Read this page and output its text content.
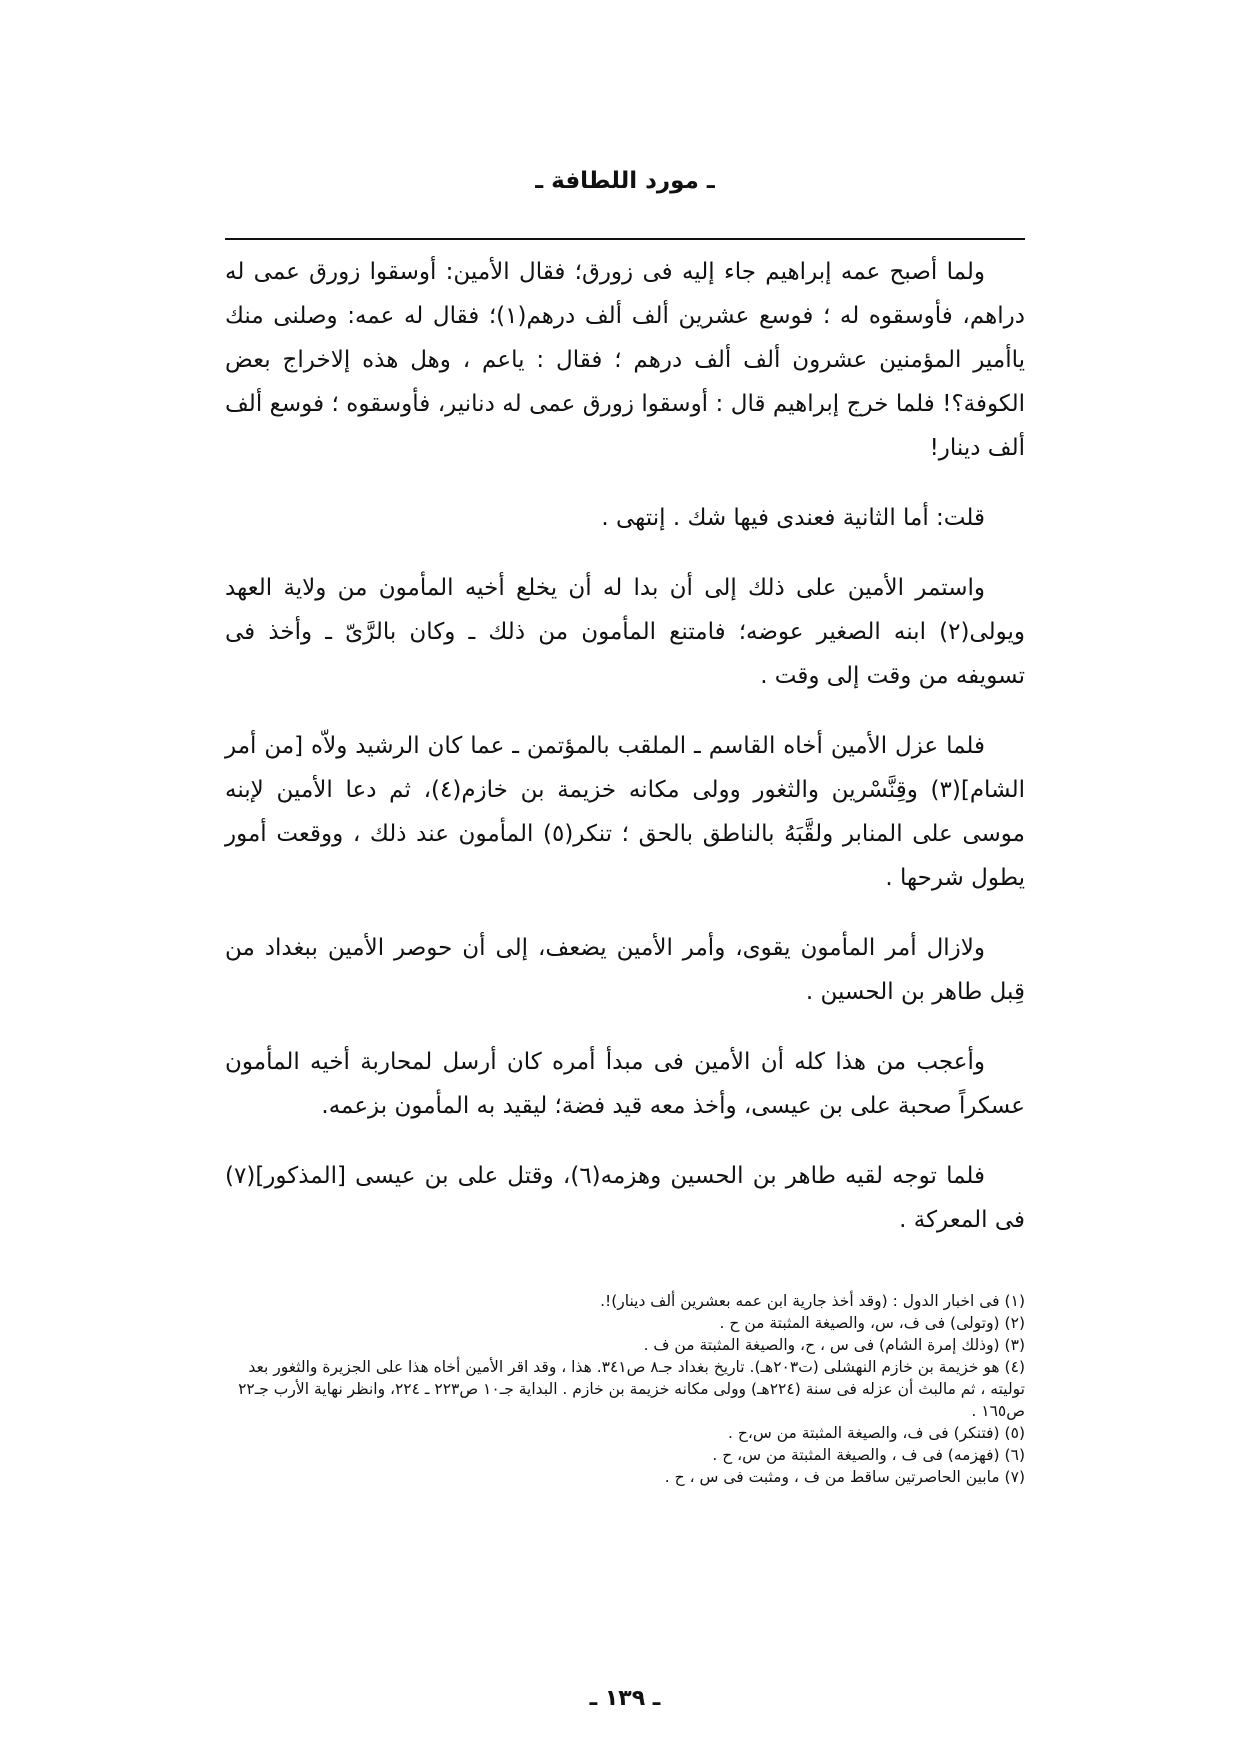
ـ مورد اللطافة ـ

ولما أصبح عمه إبراهيم جاء إليه فى زورق؛ فقال الأمين: أوسقوا زورق عمى له دراهم، فأوسقوه له ؛ فوسع عشرين ألف ألف درهم(١)؛ فقال له عمه: وصلنى منك ياأمير المؤمنين عشرون ألف ألف درهم ؛ فقال : ياعم ، وهل هذه إلاخراج بعض الكوفة؟! فلما خرج إبراهيم قال : أوسقوا زورق عمى له دنانير، فأوسقوه ؛ فوسع ألف ألف دينار!

قلت: أما الثانية فعندى فيها شك . إنتهى .

واستمر الأمين على ذلك إلى أن بدا له أن يخلع أخيه المأمون من ولاية العهد ويولى(٢) ابنه الصغير عوضه؛ فامتنع المأمون من ذلك ـ وكان بالرَّىّ ـ وأخذ فى تسويفه من وقت إلى وقت .

فلما عزل الأمين أخاه القاسم ـ الملقب بالمؤتمن ـ عما كان الرشيد ولاّه [من أمر الشام](٣) وقِنَّسْرين والثغور وولى مكانه خزيمة بن خازم(٤)، ثم دعا الأمين لإبنه موسى على المنابر ولقَّبَهُ بالناطق بالحق ؛ تنكر(٥) المأمون عند ذلك ، ووقعت أمور يطول شرحها .

ولازال أمر المأمون يقوى، وأمر الأمين يضعف، إلى أن حوصر الأمين ببغداد من قِبل طاهر بن الحسين .

وأعجب من هذا كله أن الأمين فى مبدأ أمره كان أرسل لمحاربة أخيه المأمون عسكراً صحبة على بن عيسى، وأخذ معه قيد فضة؛ ليقيد به المأمون بزعمه.

فلما توجه لقيه طاهر بن الحسين وهزمه(٦)، وقتل على بن عيسى [المذكور](٧) فى المعركة .

(١) فى اخبار الدول : (وقد أخذ جارية ابن عمه بعشرين ألف دينار)!.

(٢) (وتولى) فى ف، س، والصيغة المثبتة من ح .

(٣) (وذلك إمرة الشام) فى س ، ح، والصيغة المثبتة من ف .

(٤) هو خزيمة بن خازم النهشلى (ت٢٠٣هـ). تاريخ بغداد جـ٨ ص٣٤١. هذا ، وقد اقر الأمين أخاه هذا على الجزيرة والثغور بعد توليته ، ثم مالبث أن عزله فى سنة (٢٢٤هـ) وولى مكانه خزيمة بن خازم . البداية جـ١٠ ص٢٢٣ ـ ٢٢٤، وانظر نهاية الأرب جـ٢٢ ص١٦٥ .

(٥) (فتنكر) فى ف، والصيغة المثبتة من س،ح .

(٦) (فهزمه) فى ف ، والصيغة المثبتة من س، ح .

(٧) مابين الحاصرتين ساقط من ف ، ومثبت فى س ، ح .

ـ ١٣٩ ـ
